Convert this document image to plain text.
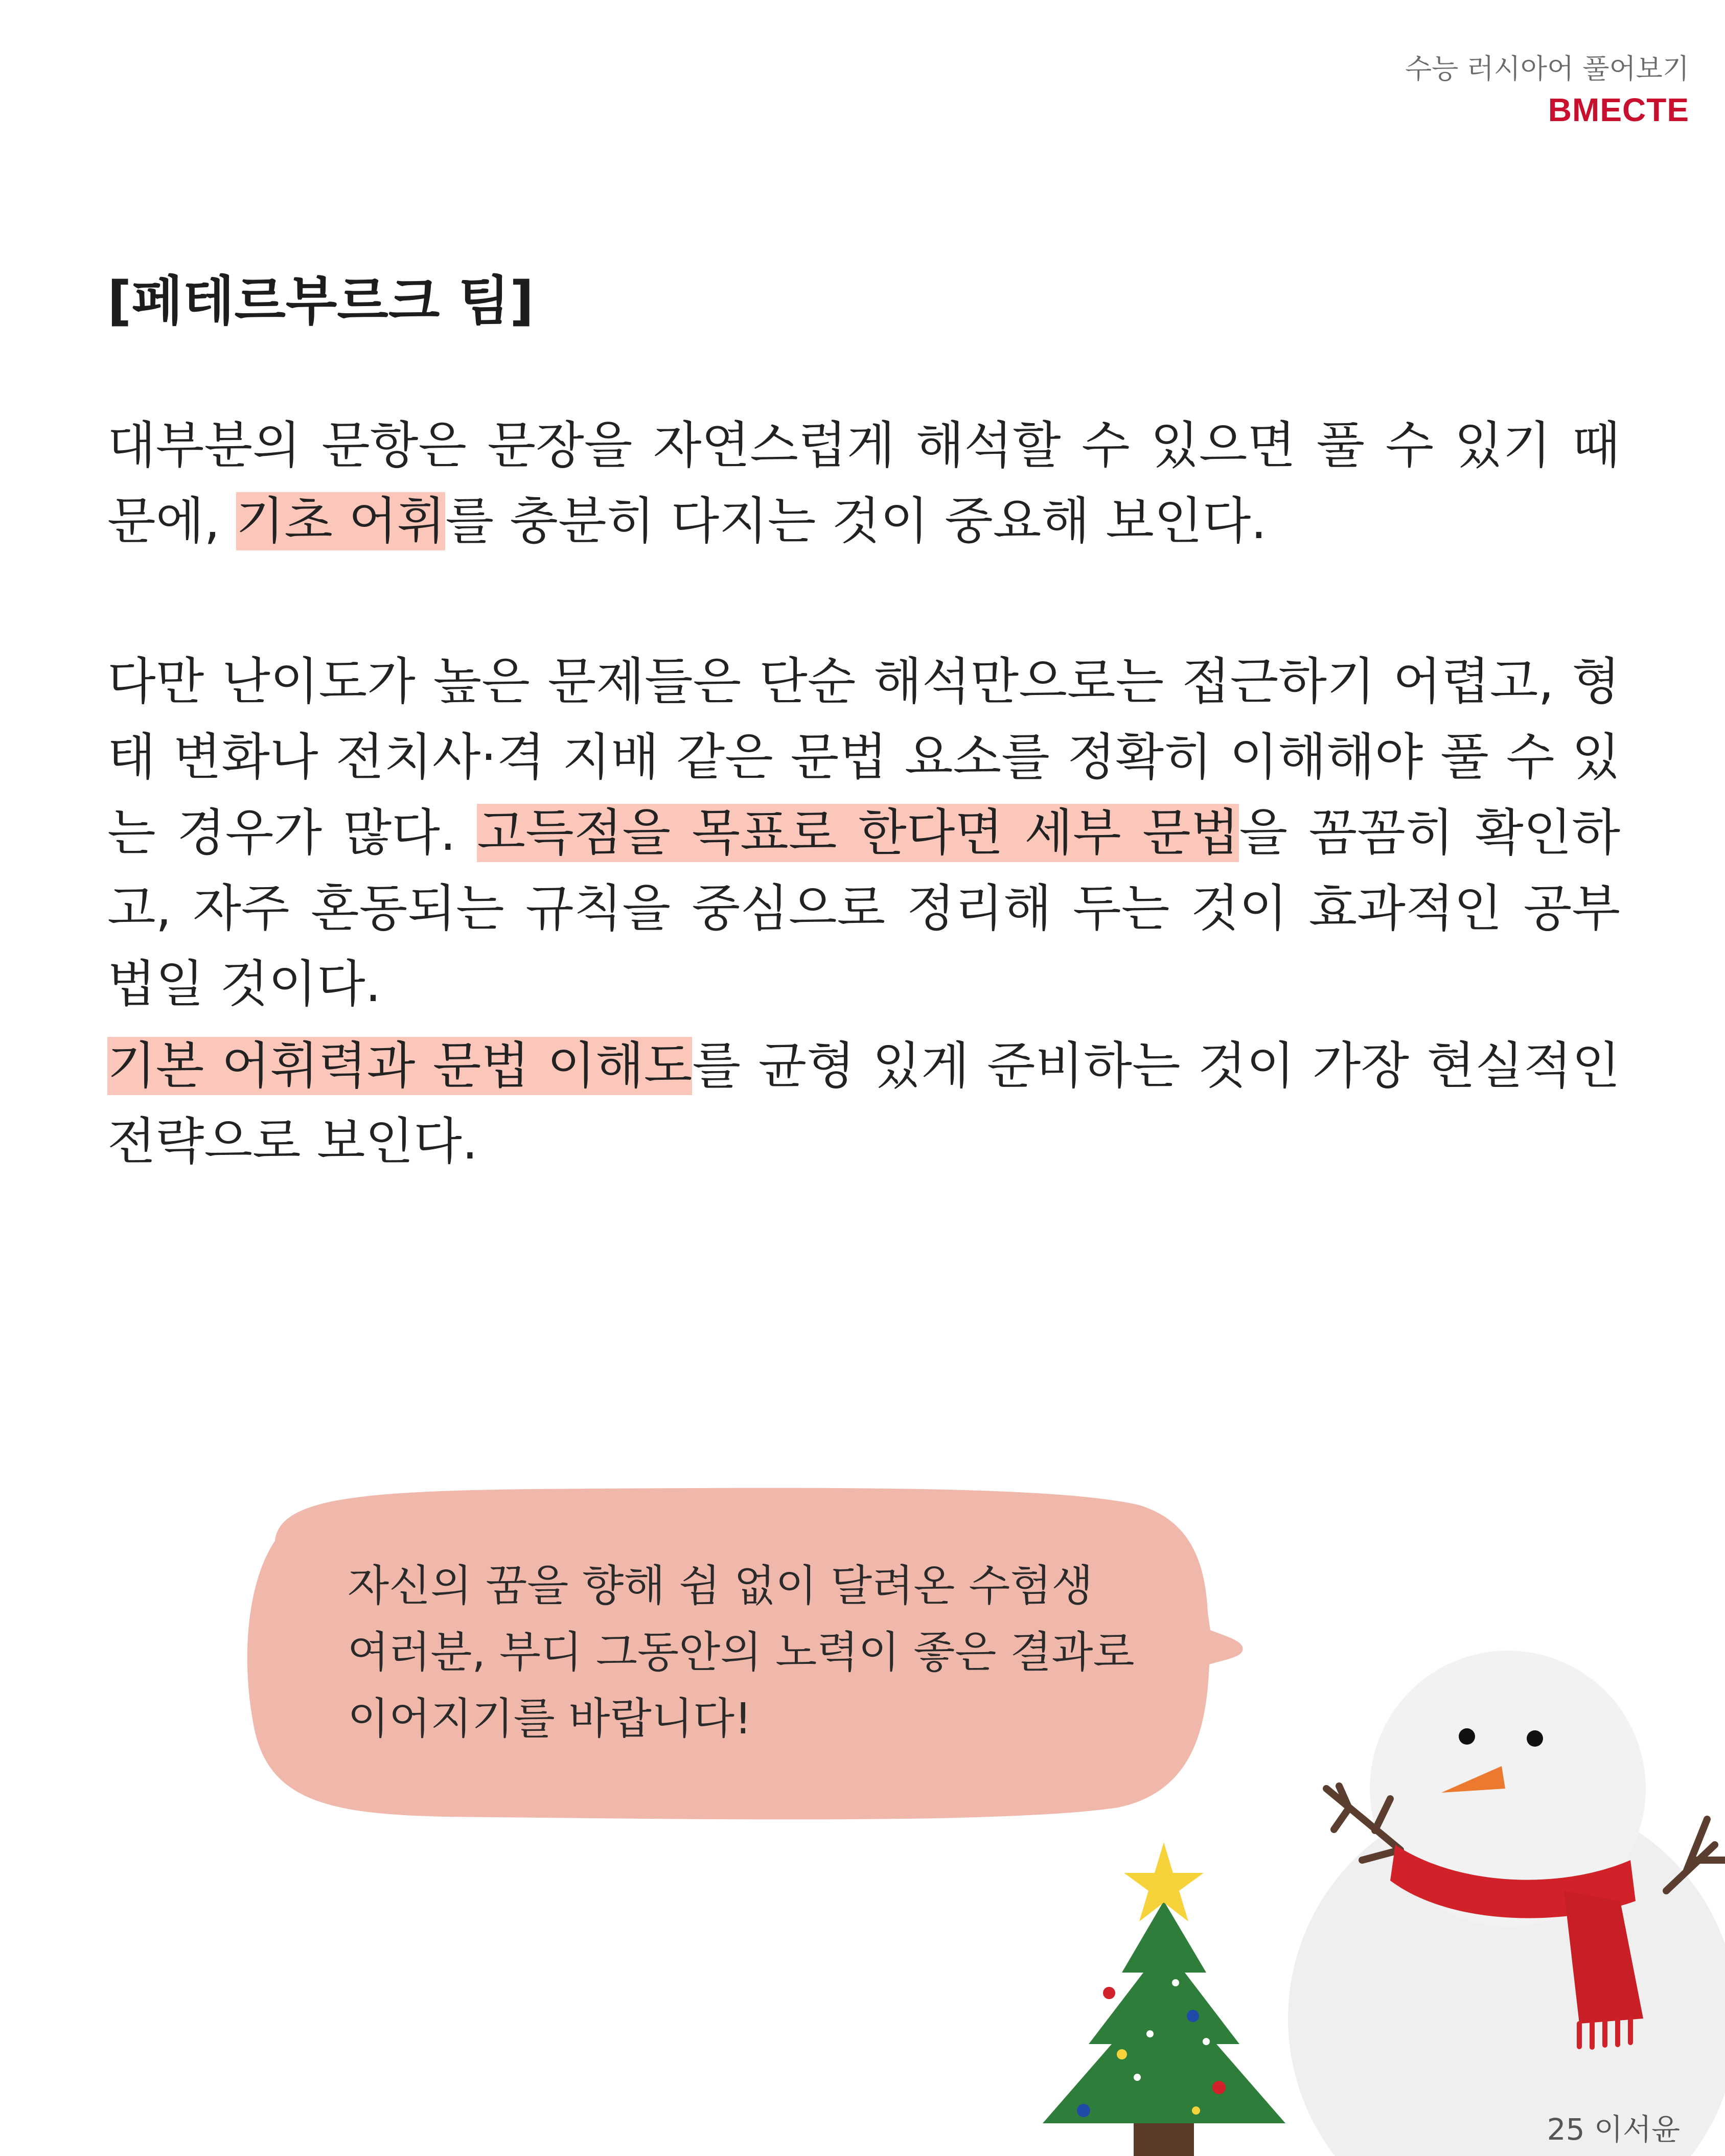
수능 러시아어 풀어보기
BMECTE
[페테르부르크 팀]

대부분의 문항은 문장을 자연스럽게 해석할 수 있으면 풀 수 있기 때문에, 기초 어휘를 충분히 다지는 것이 중요해 보인다.

다만 난이도가 높은 문제들은 단순 해석만으로는 접근하기 어렵고, 형태 변화나 전치사·격 지배 같은 문법 요소를 정확히 이해해야 풀 수 있는 경우가 많다. 고득점을 목표로 한다면 세부 문법을 꼼꼼히 확인하고, 자주 혼동되는 규칙을 중심으로 정리해 두는 것이 효과적인 공부법일 것이다.

기본 어휘력과 문법 이해도를 균형 있게 준비하는 것이 가장 현실적인 전략으로 보인다.

자신의 꿈을 향해 쉼 없이 달려온 수험생
여러분, 부디 그동안의 노력이 좋은 결과로
이어지기를 바랍니다!

25 이서윤
